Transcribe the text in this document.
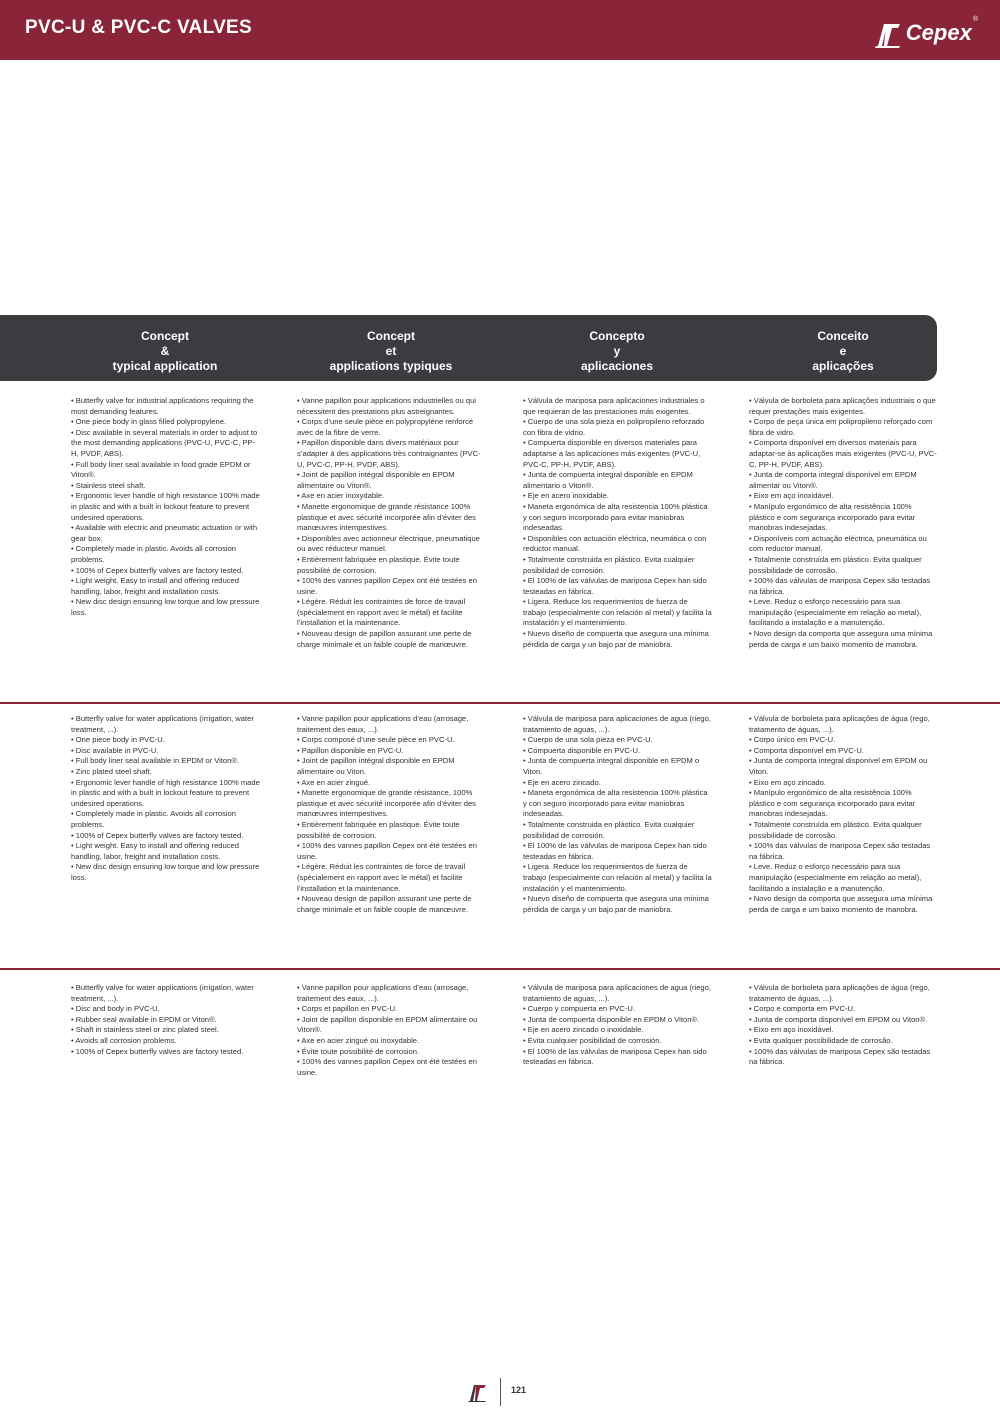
PVC-U & PVC-C VALVES	Cepex
®
Concept
&
typical application
Concept
et
applications typiques
Concepto
y
aplicaciones
Conceito
e
aplicações
• Butterfly valve for industrial applications requiring the most demanding features.
• One piece body in glass filled polypropylene.
• Disc available in several materials in order to adjust to the most demanding applications (PVC-U, PVC-C, PP-H, PVDF, ABS).
• Full body liner seal available in food grade EPDM or Viton®.
• Stainless steel shaft.
• Ergonomic lever handle of high resistance 100% made in plastic and with a built in lockout feature to prevent undesired operations.
• Available with electric and pneumatic actuation or with gear box.
• Completely made in plastic. Avoids all corrosion problems.
• 100% of Cepex butterfly valves are factory tested.
• Light weight. Easy to install and offering reduced handling, labor, freight and installation costs.
• New disc design ensuring low torque and low pressure loss.
• Vanne papillon pour applications industrielles ou qui nécessitent des prestations plus astreignantes.
• Corps d’une seule pièce en polypropylène renforcé avec de la fibre de verre.
• Papillon disponible dans divers matériaux pour s’adapter à des applications très contraignantes (PVC-U, PVC-C, PP-H, PVDF, ABS).
• Joint de papillon intégral disponible en EPDM alimentaire ou Viton®.
• Axe en acier inoxydable.
• Manette ergonomique de grande résistance 100% plastique et avec sécurité incorporée afin d’éviter des manœuvres intempestives.
• Disponibles avec actionneur électrique, pneumatique ou avec réducteur manuel.
• Entièrement fabriquée en plastique. Évite toute possibilité de corrosion.
• 100% des vannes papillon Cepex ont été testées en usine.
• Légère. Réduit les contraintes de force de travail (spécialement en rapport avec le métal) et facilite l’installation et la maintenance.
• Nouveau design de papillon assurant une perte de charge minimale et un faible couple de manœuvre.
• Válvula de mariposa para aplicaciones industriales o que requieran de las prestaciones más exigentes.
• Cuerpo de una sola pieza en polipropileno reforzado con fibra de vidrio.
• Compuerta disponible en diversos materiales para adaptarse a las aplicaciones más exigentes (PVC-U, PVC-C, PP-H, PVDF, ABS).
• Junta de compuerta integral disponible en EPDM alimentario o Viton®.
• Eje en acero inoxidable.
• Maneta ergonómica de alta resistencia 100% plástica y con seguro incorporado para evitar maniobras indeseadas.
• Disponibles con actuación eléctrica, neumática o con reductor manual.
• Totalmente construida en plástico. Evita cualquier posibilidad de corrosión.
• El 100% de las válvulas de mariposa Cepex han sido testeadas en fábrica.
• Ligera. Reduce los requerimientos de fuerza de trabajo (especialmente con relación al metal) y facilita la instalación y el mantenimiento.
• Nuevo diseño de compuerta que asegura una mínima pérdida de carga y un bajo par de maniobra.
• Válvula de borboleta para aplicações industriais o que requer prestações mais exigentes.
• Corpo de peça única em polipropileno reforçado com fibra de vidro.
• Comporta disponível em diversos materiais para adaptar-se às aplicações mais exigentes (PVC-U, PVC-C, PP-H, PVDF, ABS).
• Junta de comporta integral disponível em EPDM alimentar ou Viton®.
• Eixo em aço inoxidável.
• Manípulo ergonómico de alta resistência 100% plástico e com segurança incorporado para evitar manobras indesejadas.
• Disponíveis com actuação eléctrica, pneumática ou com reductor manual.
• Totalmente construída em plástico. Evita qualquer possibilidade de corrosão.
• 100% das válvulas de mariposa Cepex são testadas na fábrica.
• Leve. Reduz o esforço necessário para sua manipulação (especialmente em relação ao metal), facilitando a instalação e a manutenção.
• Novo design da comporta que assegura uma mínima perda de carga e um baixo momento de manobra.
• Butterfly valve for water applications (irrigation, water treatment, ...).
• One piece body in PVC-U.
• Disc available in PVC-U.
• Full body liner seal available in EPDM or Viton®.
• Zinc plated steel shaft.
• Ergonomic lever handle of high resistance 100% made in plastic and with a built in lockout feature to prevent undesired operations.
• Completely made in plastic. Avoids all corrosion problems.
• 100% of Cepex butterfly valves are factory tested.
• Light weight. Easy to install and offering reduced handling, labor, freight and installation costs.
• New disc design ensuring low torque and low pressure loss.
• Vanne papillon pour applications d’eau (arrosage, traitement des eaux, ...).
• Corps composé d’une seule pièce en PVC-U.
• Papillon disponible en PVC-U.
• Joint de papillon intégral disponible en EPDM alimentaire ou Viton.
• Axe en acier zingué.
• Manette ergonomique de grande résistance, 100% plastique et avec sécurité incorporée afin d’éviter des manœuvres intempestives.
• Entièrement fabriquée en plastique. Évite toute possibilité de corrosion.
• 100% des vannes papillon Cepex ont été testées en usine.
• Légère. Réduit les contraintes de force de travail (spécialement en rapport avec le métal) et facilite l’installation et la maintenance.
• Nouveau design de papillon assurant une perte de charge minimale et un faible couple de manœuvre.
• Válvula de mariposa para aplicaciones de agua (riego, tratamiento de aguas, ...).
• Cuerpo de una sola pieza en PVC-U.
• Compuerta disponible en PVC-U.
• Junta de compuerta integral disponible en EPDM o Viton.
• Eje en acero zincado.
• Maneta ergonómica de alta resistencia 100% plástica y con seguro incorporado para evitar maniobras indeseadas.
• Totalmente construida en plástico. Evita cualquier posibilidad de corrosión.
• El 100% de las válvulas de mariposa Cepex han sido testeadas en fábrica.
• Ligera. Reduce los requerimientos de fuerza de trabajo (especialmente con relación al metal) y facilita la instalación y el mantenimiento.
• Nuevo diseño de compuerta que asegura una mínima pérdida de carga y un bajo par de maniobra.
• Válvula de borboleta para aplicações de água (rego, tratamento de águas, ...).
• Corpo único em PVC-U.
• Comporta disponível em PVC-U.
• Junta de comporta integral disponível em EPDM ou Viton.
• Eixo em aço zincado.
• Manípulo ergonómico de alta resistência 100% plástico e com segurança incorporado para evitar manobras indesejadas.
• Totalmente construída em plástico. Evita qualquer possibilidade de corrosão.
• 100% das válvulas de mariposa Cepex são testadas na fábrica.
• Leve. Reduz o esforço necessário para sua manipulação (especialmente em relação ao metal), facilitando a instalação e a manutenção.
• Novo design da comporta que assegura uma mínima perda de carga e um baixo momento de manobra.
• Butterfly valve for water applications (irrigation, water treatment, ...).
• Disc and body in PVC-U.
• Rubber seal available in EPDM or Viton®.
• Shaft in stainless steel or zinc plated steel.
• Avoids all corrosion problems.
• 100% of Cepex butterfly valves are factory tested.
• Vanne papillon pour applications d’eau (arrosage, traitement des eaux, ...).
• Corps et papillon en PVC-U.
• Joint de papillon disponible en EPDM alimentaire ou Viton®.
• Axe en acier zingué ou inoxydable.
• Évite toute possibilité de corrosion.
• 100% des vannes papillon Cepex ont été testées en usine.
• Válvula de mariposa para aplicaciones de agua (riego, tratamiento de aguas, ...).
• Cuerpo y compuerta en PVC-U.
• Junta de compuerta disponible en EPDM o Viton®.
• Eje en acero zincado o inoxidable.
• Evita cualquier posibilidad de corrosión.
• El 100% de las válvulas de mariposa Cepex han sido testeadas en fábrica.
• Válvula de borboleta para aplicações de água (rego, tratamento de águas, ...).
• Corpo e comporta em PVC-U.
• Junta de comporta disponível em EPDM ou Viton®.
• Eixo em aço inoxidável.
• Evita qualquer possibilidade de corrosão.
• 100% das válvulas de mariposa Cepex são testadas na fábrica.
121
